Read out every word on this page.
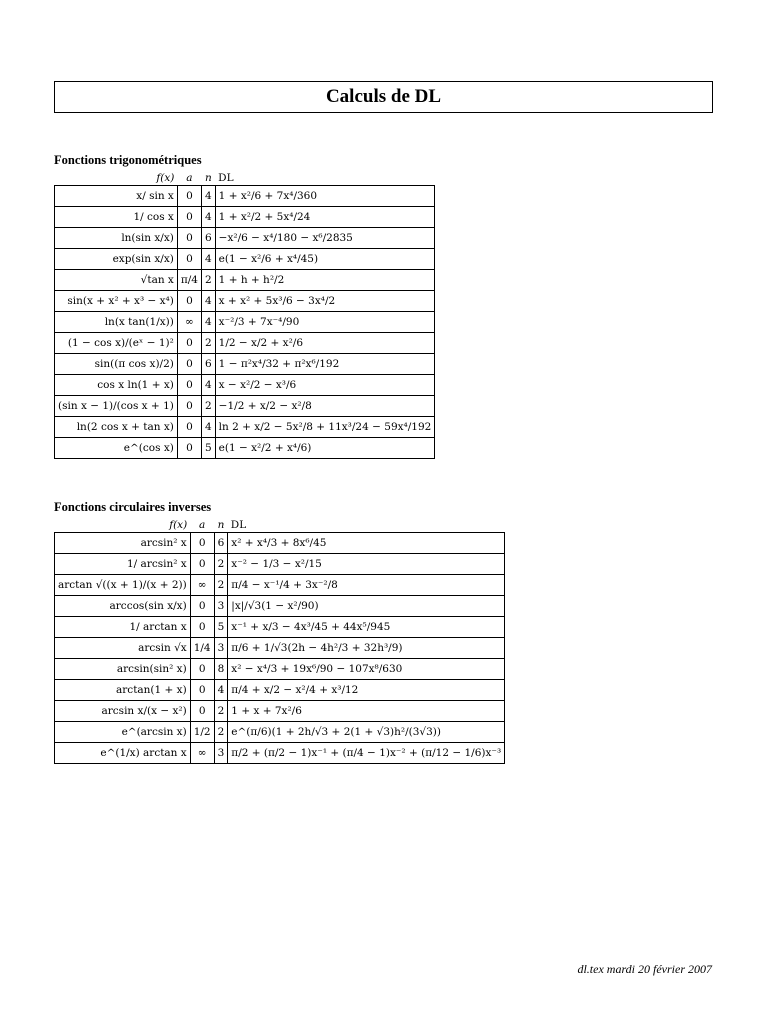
Calculs de DL
Fonctions trigonométriques
f(x)	a	n	DL
x/ sin x	0	4	1 + x²/6 + 7x⁴/360
1/ cos x	0	4	1 + x²/2 + 5x⁴/24
ln(sin x/x)	0	6	−x²/6 − x⁴/180 − x⁶/2835
exp(sin x/x)	0	4	e(1 − x²/6 + x⁴/45)
√tan x	π/4	2	1 + h + h²/2
sin(x + x² + x³ − x⁴)	0	4	x + x² + 5x³/6 − 3x⁴/2
ln(x tan(1/x))	∞	4	x⁻²/3 + 7x⁻⁴/90
(1 − cos x)/(eˣ − 1)²	0	2	1/2 − x/2 + x²/6
sin((π cos x)/2)	0	6	1 − π²x⁴/32 + π²x⁶/192
cos x ln(1 + x)	0	4	x − x²/2 − x³/6
(sin x − 1)/(cos x + 1)	0	2	−1/2 + x/2 − x²/8
ln(2 cos x + tan x)	0	4	ln 2 + x/2 − 5x²/8 + 11x³/24 − 59x⁴/192
e^(cos x)	0	5	e(1 − x²/2 + x⁴/6)
Fonctions circulaires inverses
f(x)	a	n	DL
arcsin² x	0	6	x² + x⁴/3 + 8x⁶/45
1/ arcsin² x	0	2	x⁻² − 1/3 − x²/15
arctan √((x + 1)/(x + 2))	∞	2	π/4 − x⁻¹/4 + 3x⁻²/8
arccos(sin x/x)	0	3	|x|/√3(1 − x²/90)
1/ arctan x	0	5	x⁻¹ + x/3 − 4x³/45 + 44x⁵/945
arcsin √x	1/4	3	π/6 + 1/√3(2h − 4h²/3 + 32h³/9)
arcsin(sin² x)	0	8	x² − x⁴/3 + 19x⁶/90 − 107x⁸/630
arctan(1 + x)	0	4	π/4 + x/2 − x²/4 + x³/12
arcsin x/(x − x²)	0	2	1 + x + 7x²/6
e^(arcsin x)	1/2	2	e^(π/6)(1 + 2h/√3 + 2(1 + √3)h²/(3√3))
e^(1/x) arctan x	∞	3	π/2 + (π/2 − 1)x⁻¹ + (π/4 − 1)x⁻² + (π/12 − 1/6)x⁻³
dl.tex mardi 20 février 2007
